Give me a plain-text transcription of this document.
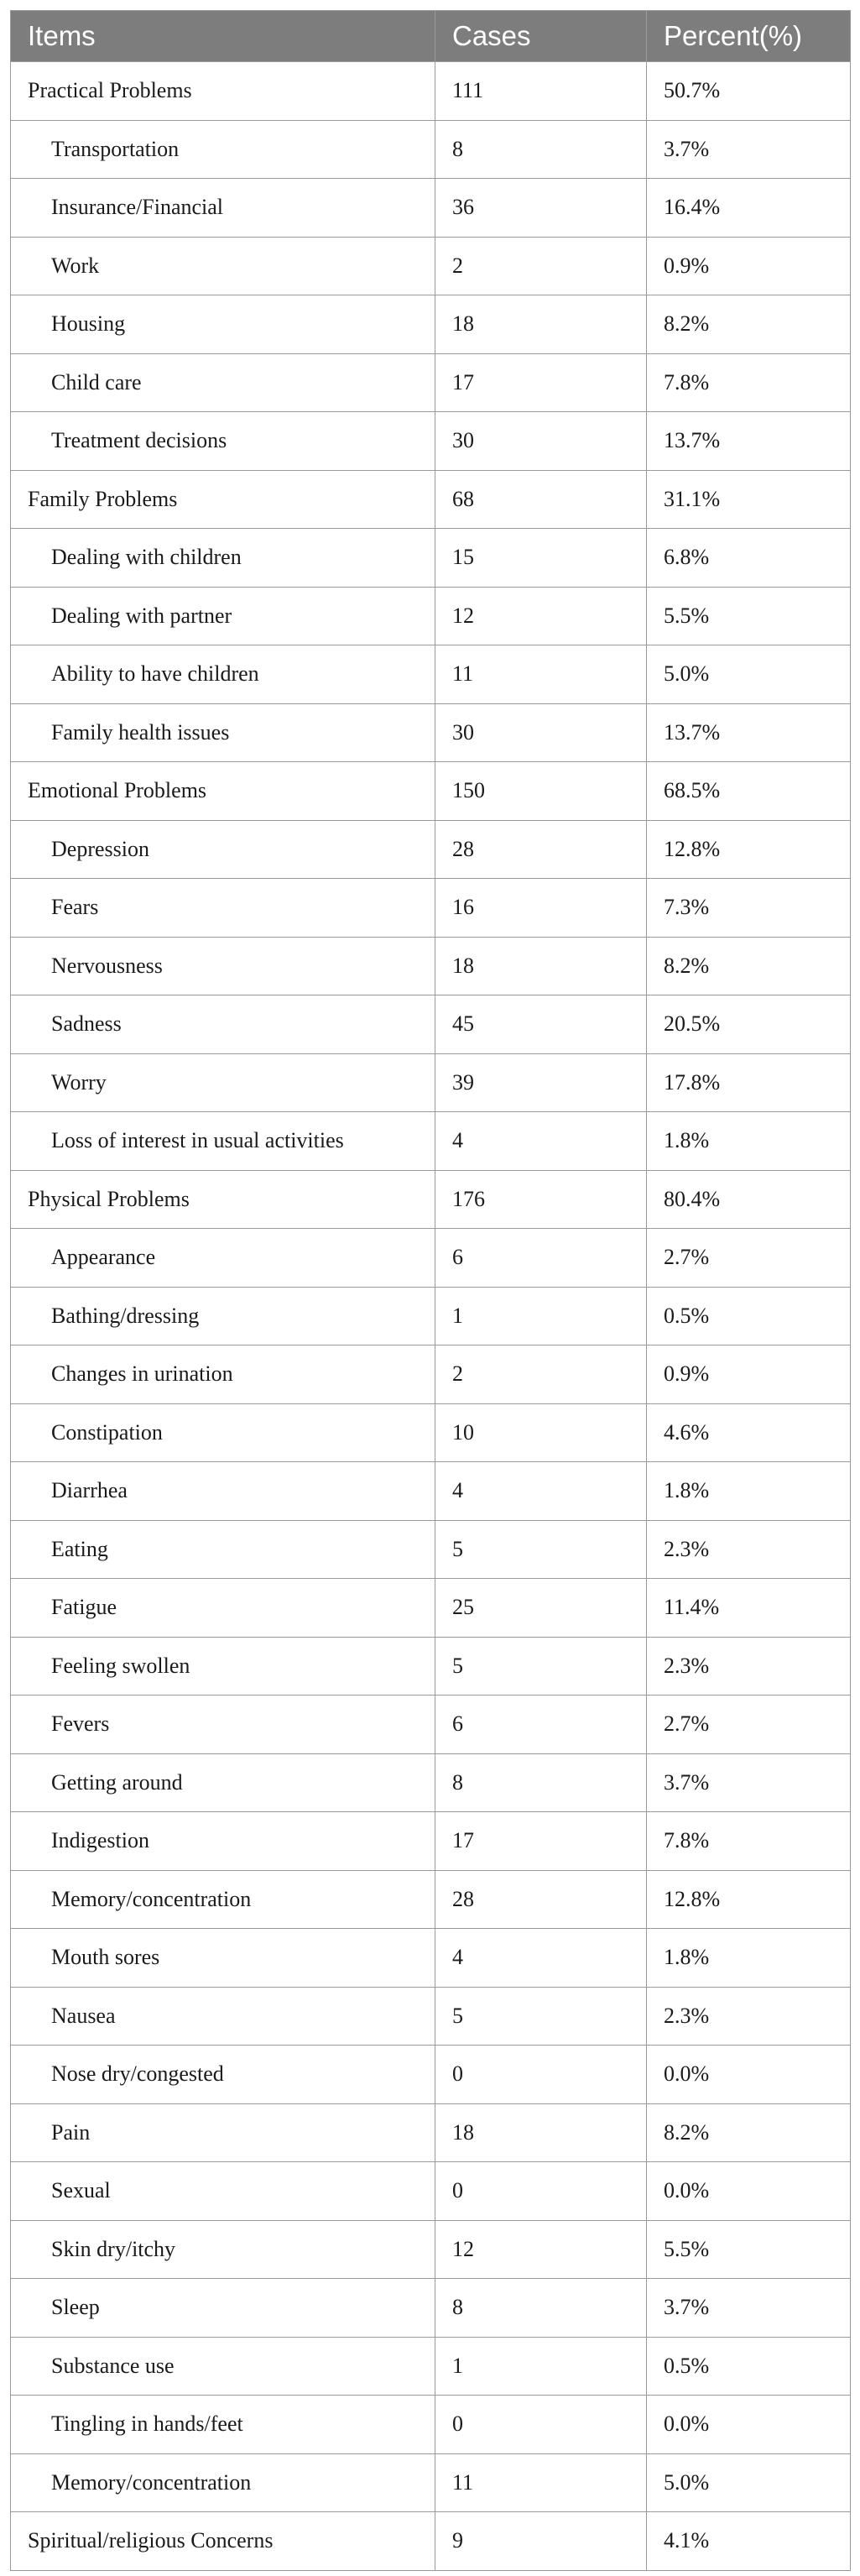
Items	Cases	Percent(%)
Practical Problems	111	50.7%
Transportation	8	3.7%
Insurance/Financial	36	16.4%
Work	2	0.9%
Housing	18	8.2%
Child care	17	7.8%
Treatment decisions	30	13.7%
Family Problems	68	31.1%
Dealing with children	15	6.8%
Dealing with partner	12	5.5%
Ability to have children	11	5.0%
Family health issues	30	13.7%
Emotional Problems	150	68.5%
Depression	28	12.8%
Fears	16	7.3%
Nervousness	18	8.2%
Sadness	45	20.5%
Worry	39	17.8%
Loss of interest in usual activities	4	1.8%
Physical Problems	176	80.4%
Appearance	6	2.7%
Bathing/dressing	1	0.5%
Changes in urination	2	0.9%
Constipation	10	4.6%
Diarrhea	4	1.8%
Eating	5	2.3%
Fatigue	25	11.4%
Feeling swollen	5	2.3%
Fevers	6	2.7%
Getting around	8	3.7%
Indigestion	17	7.8%
Memory/concentration	28	12.8%
Mouth sores	4	1.8%
Nausea	5	2.3%
Nose dry/congested	0	0.0%
Pain	18	8.2%
Sexual	0	0.0%
Skin dry/itchy	12	5.5%
Sleep	8	3.7%
Substance use	1	0.5%
Tingling in hands/feet	0	0.0%
Memory/concentration	11	5.0%
Spiritual/religious Concerns	9	4.1%
